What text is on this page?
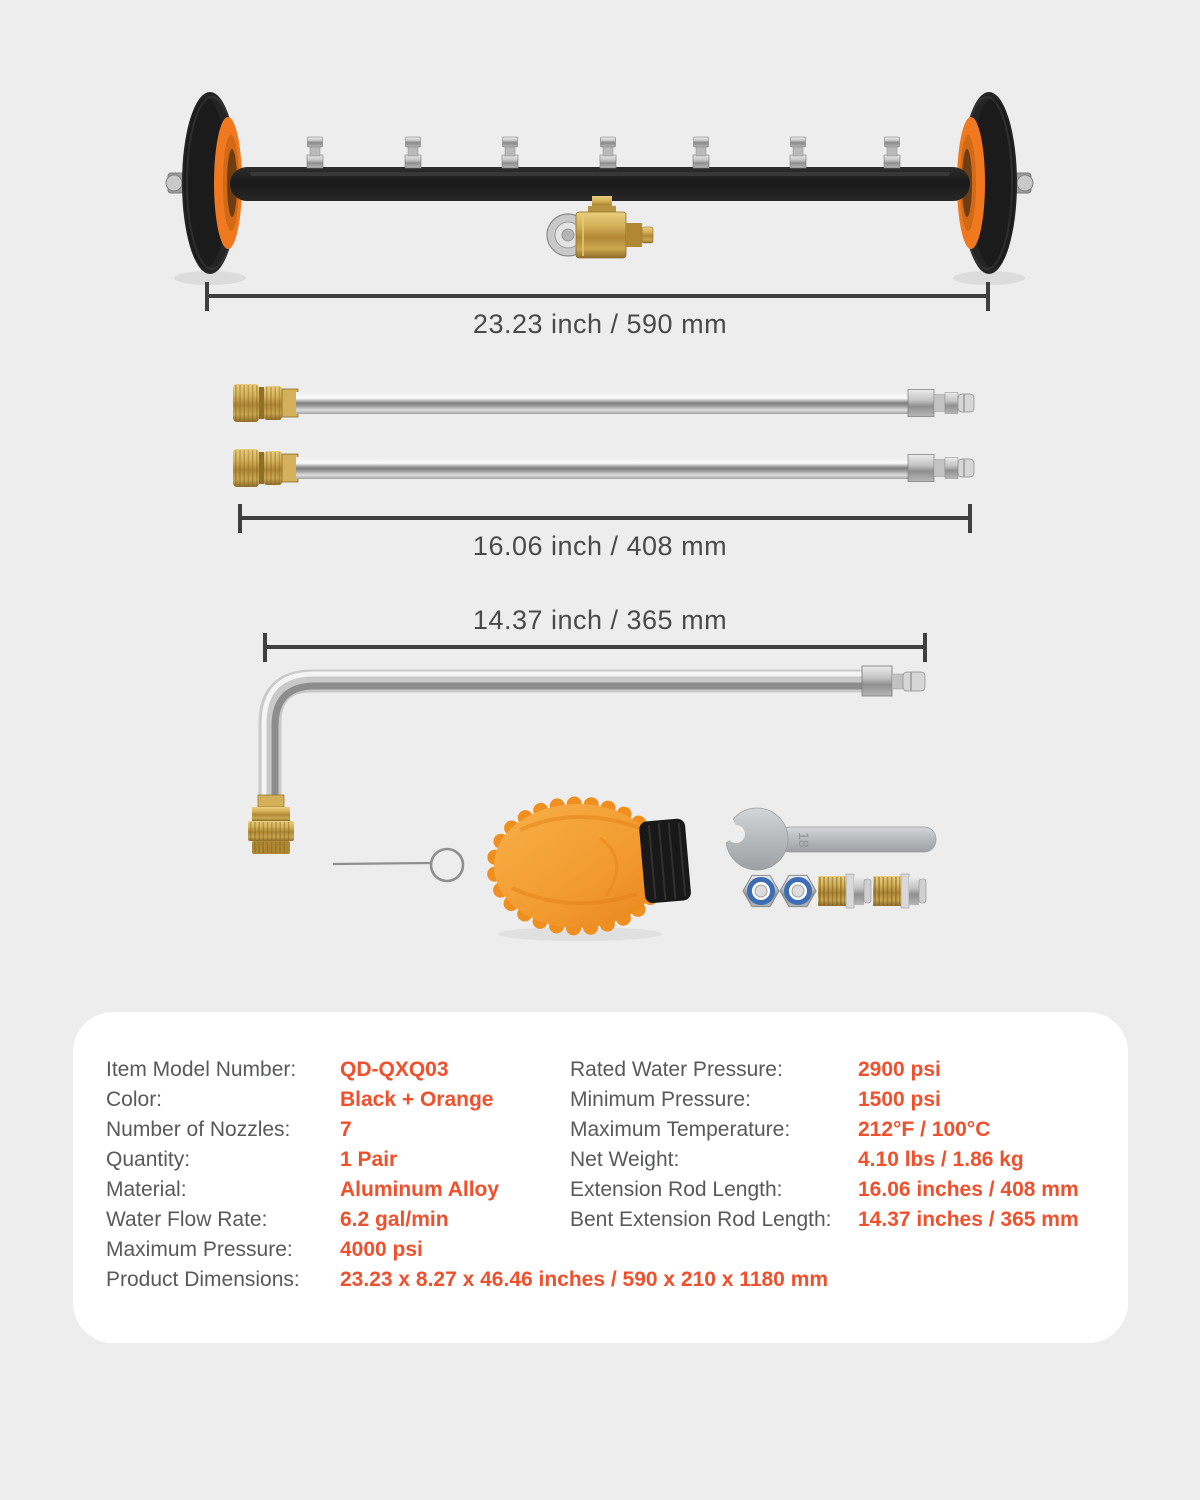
18
23.23 inch / 590 mm
16.06 inch / 408 mm
14.37 inch / 365 mm
Item Model Number:	QD-QXQ03
Color:	Black + Orange
Number of Nozzles:	7
Quantity:	1 Pair
Material:	Aluminum Alloy
Water Flow Rate:	6.2 gal/min
Maximum Pressure:	4000 psi
Product Dimensions:	23.23 x 8.27 x 46.46 inches / 590 x 210 x 1180 mm
Rated Water Pressure:	2900 psi
Minimum Pressure:	1500 psi
Maximum Temperature:	212°F / 100°C
Net Weight:	4.10 lbs / 1.86 kg
Extension Rod Length:	16.06 inches / 408 mm
Bent Extension Rod Length:	14.37 inches / 365 mm
